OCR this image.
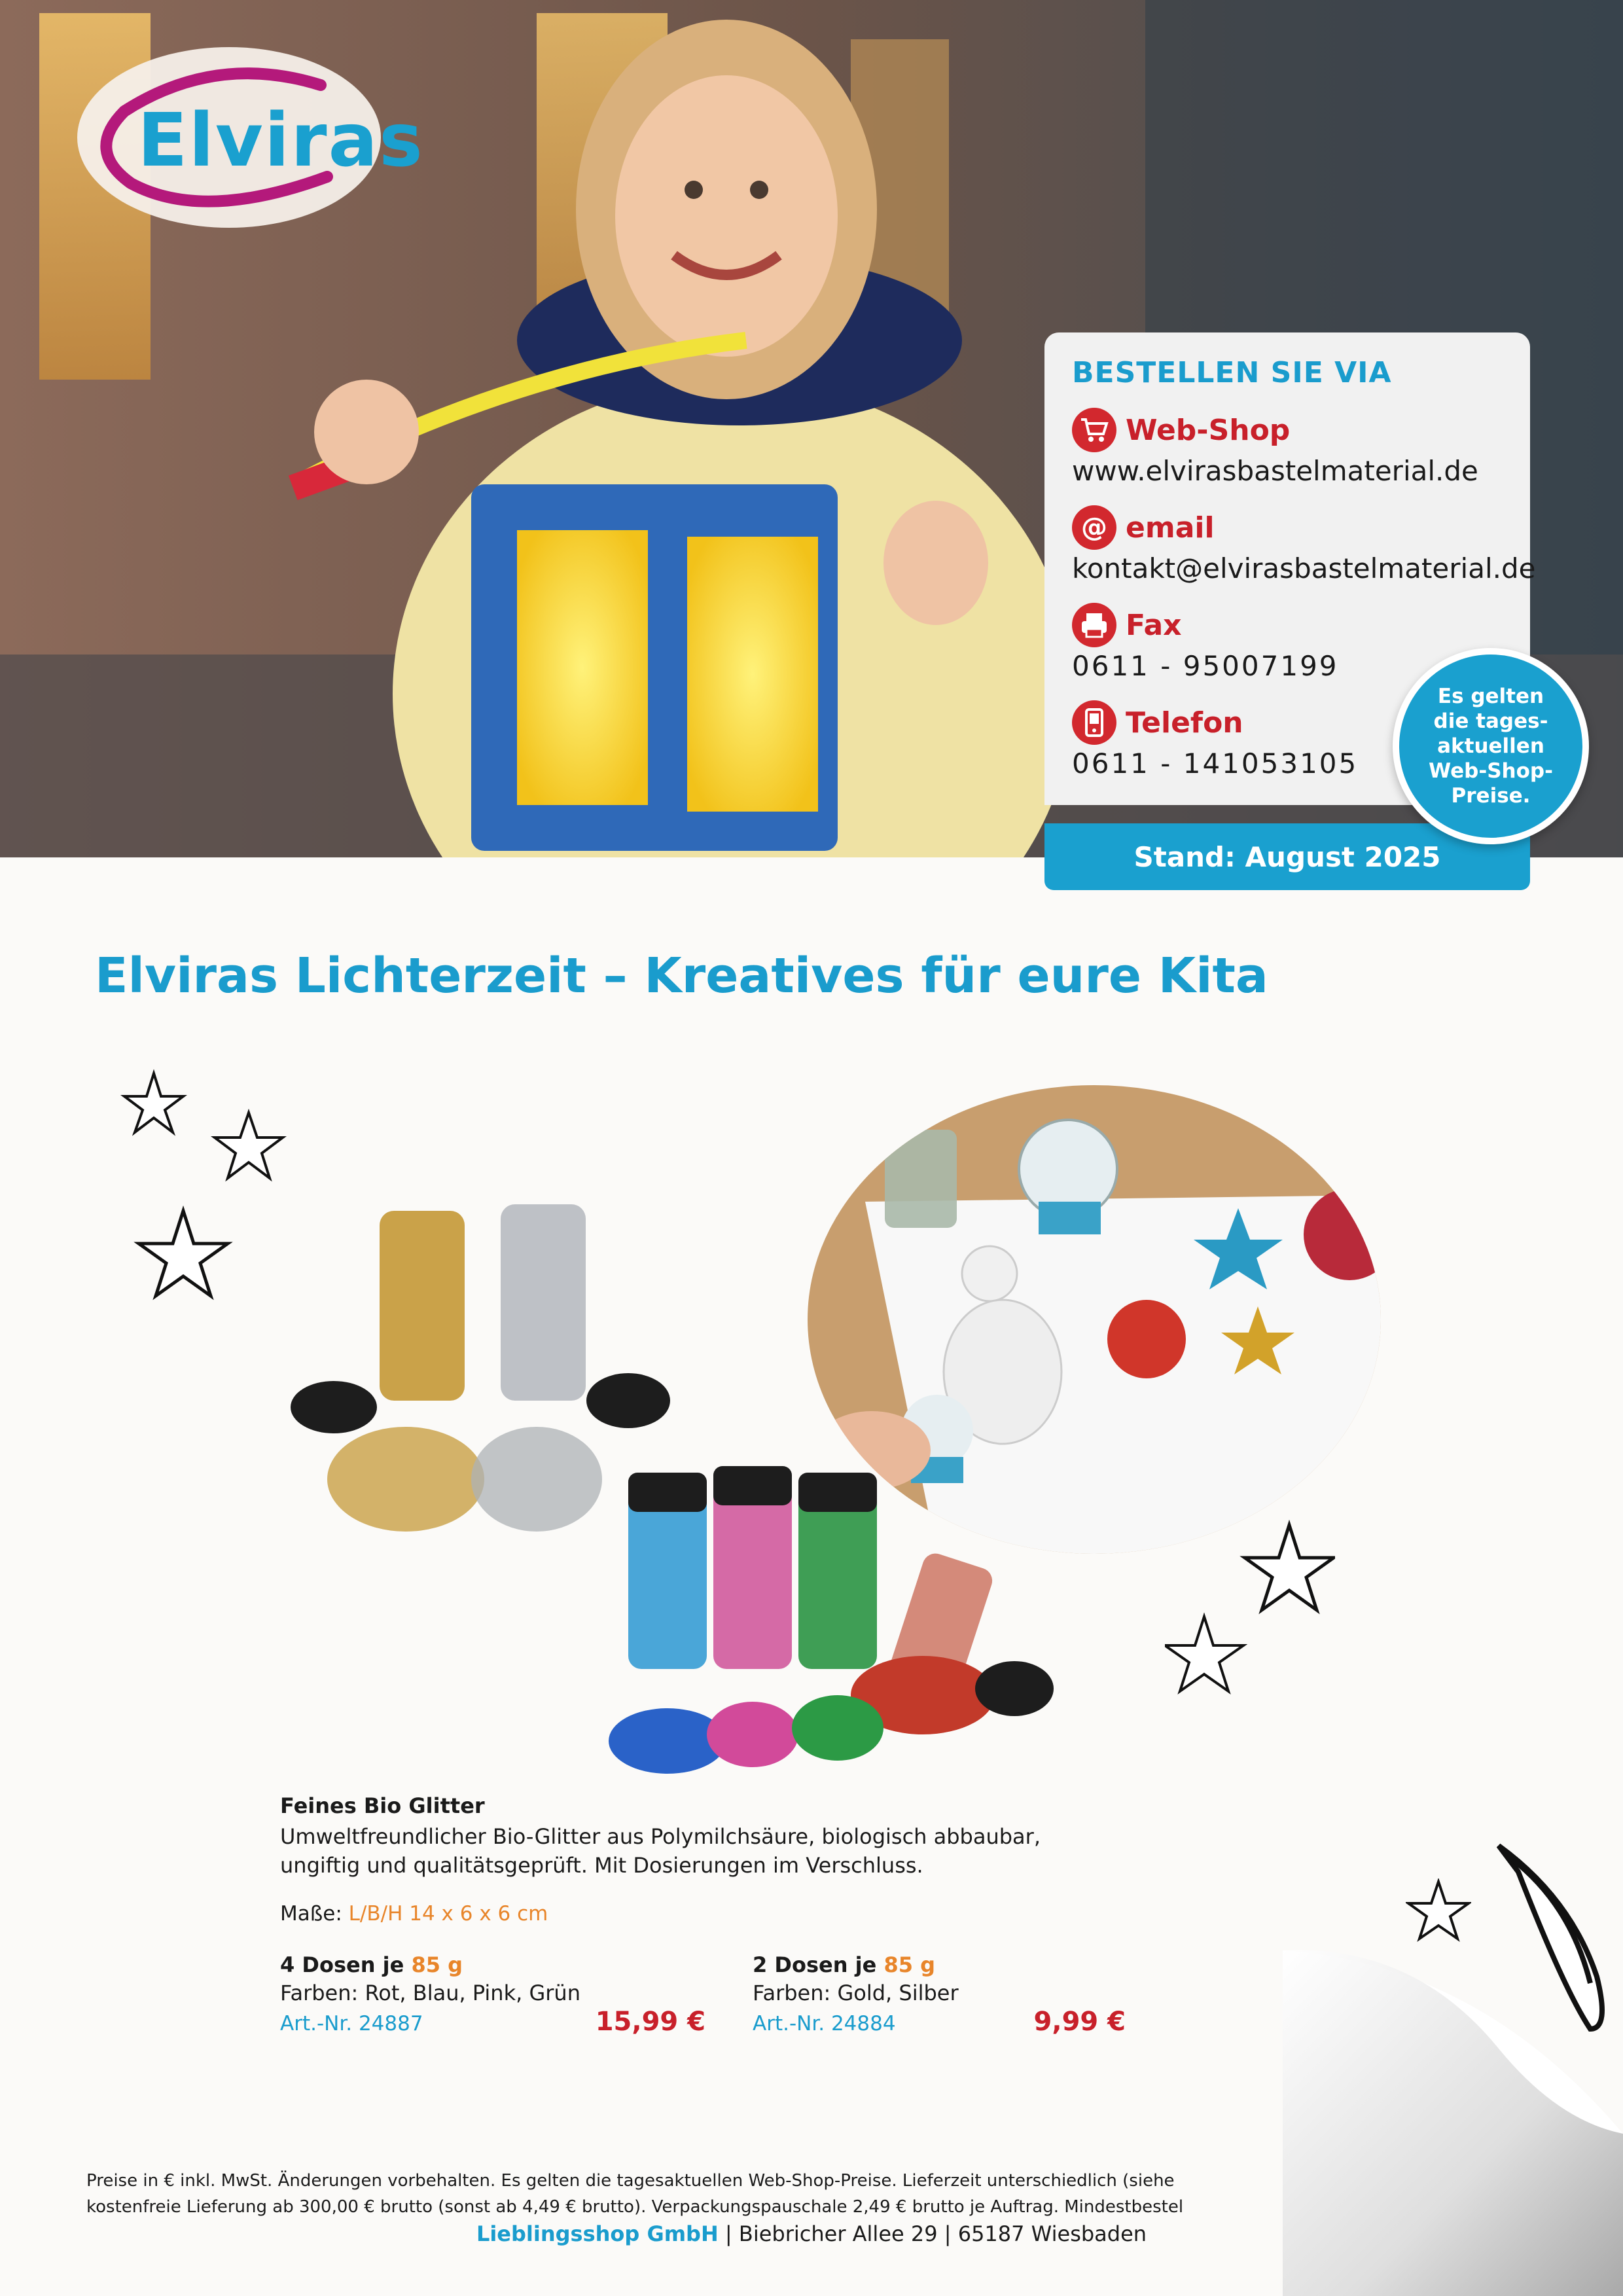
Elviras
BESTELLEN SIE VIA
Web-Shop
www.elvirasbastelmaterial.de
@ email
kontakt@elvirasbastelmaterial.de
Fax
0611 - 95007199
Telefon
0611 - 141053105
Stand: August 2025
Es gelten die tages-aktuellen Web-Shop-Preise.
Elviras Lichterzeit – Kreatives für eure Kita
Feines Bio Glitter
Umweltfreundlicher Bio-Glitter aus Polymilchsäure, biologisch abbaubar,
ungiftig und qualitätsgeprüft. Mit Dosierungen im Verschluss.
Maße: L/B/H 14 x 6 x 6 cm
4 Dosen je 85 g
Farben: Rot, Blau, Pink, Grün
Art.-Nr. 24887	15,99 €
2 Dosen je 85 g
Farben: Gold, Silber
Art.-Nr. 24884	9,99 €
Preise in € inkl. MwSt. Änderungen vorbehalten. Es gelten die tagesaktuellen Web-Shop-Preise. Lieferzeit unterschiedlich (siehe
kostenfreie Lieferung ab 300,00 € brutto (sonst ab 4,49 € brutto). Verpackungspauschale 2,49 € brutto je Auftrag. Mindestbestel
Lieblingsshop GmbH | Biebricher Allee 29 | 65187 Wiesbaden
